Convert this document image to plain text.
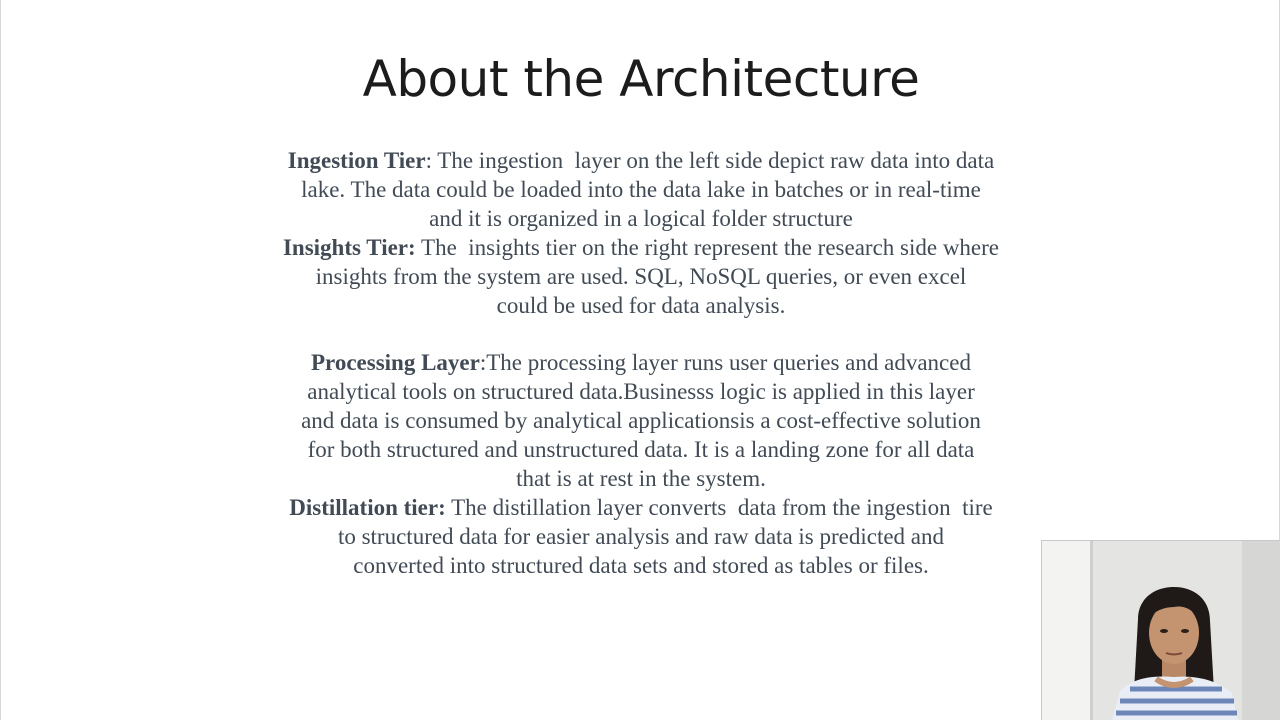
About the Architecture
Ingestion Tier: The ingestion  layer on the left side depict raw data into data
lake. The data could be loaded into the data lake in batches or in real-time
and it is organized in a logical folder structure
Insights Tier: The  insights tier on the right represent the research side where
insights from the system are used. SQL, NoSQL queries, or even excel
could be used for data analysis.
Processing Layer:The processing layer runs user queries and advanced
analytical tools on structured data.Businesss logic is applied in this layer
and data is consumed by analytical applicationsis a cost-effective solution
for both structured and unstructured data. It is a landing zone for all data
that is at rest in the system.
Distillation tier: The distillation layer converts  data from the ingestion  tire
to structured data for easier analysis and raw data is predicted and
converted into structured data sets and stored as tables or files.
